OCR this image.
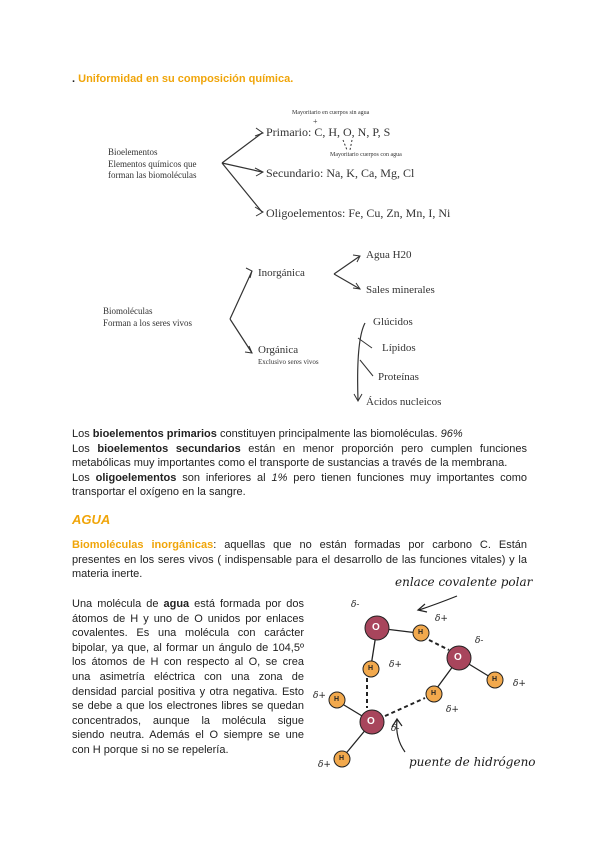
. Uniformidad en su composición química.
Bioelementos
Elementos químicos que
forman las biomoléculas
Mayoritario en cuerpos sin agua
+
Primario: C, H, O, N, P, S
Mayoritario cuerpos con agua
Secundario: Na, K, Ca, Mg, Cl
Oligoelementos: Fe, Cu, Zn, Mn, I, Ni
Biomoléculas
Forman a los seres vivos
Inorgánica
Agua H20
Sales minerales
Orgánica
Exclusivo seres vivos
Glúcidos
Lípidos
Proteínas
Ácidos nucleicos

Los bioelementos primarios constituyen principalmente las biomoléculas. 96%

Los bioelementos secundarios están en menor proporción pero cumplen funciones metabólicas muy importantes como el transporte de sustancias a través de la membrana.

Los oligoelementos son inferiores al 1% pero tienen funciones muy importantes como transportar el oxígeno en la sangre.

AGUA

Biomoléculas inorgánicas: aquellas que no están formadas por carbono C. Están presentes en los seres vivos ( indispensable para el desarrollo de las funciones vitales) y la materia inerte.

Una molécula de agua está formada por dos átomos de H y uno de O unidos por enlaces covalentes. Es una molécula con carácter bipolar, ya que, al formar un ángulo de 104,5º los átomos de H con respecto al O, se crea una asimetría eléctrica con una zona de densidad parcial positiva y otra negativa. Esto se debe a que los electrones libres se quedan concentrados, aunque la molécula sigue siendo neutra. Además el O siempre se une con H porque si no se repelería.

enlace covalente polar
puente de hidrógeno
O
O
O
H
H
H
H
H
H
δ-
δ-
δ-
δ+
δ+
δ+
δ+
δ+
δ+
